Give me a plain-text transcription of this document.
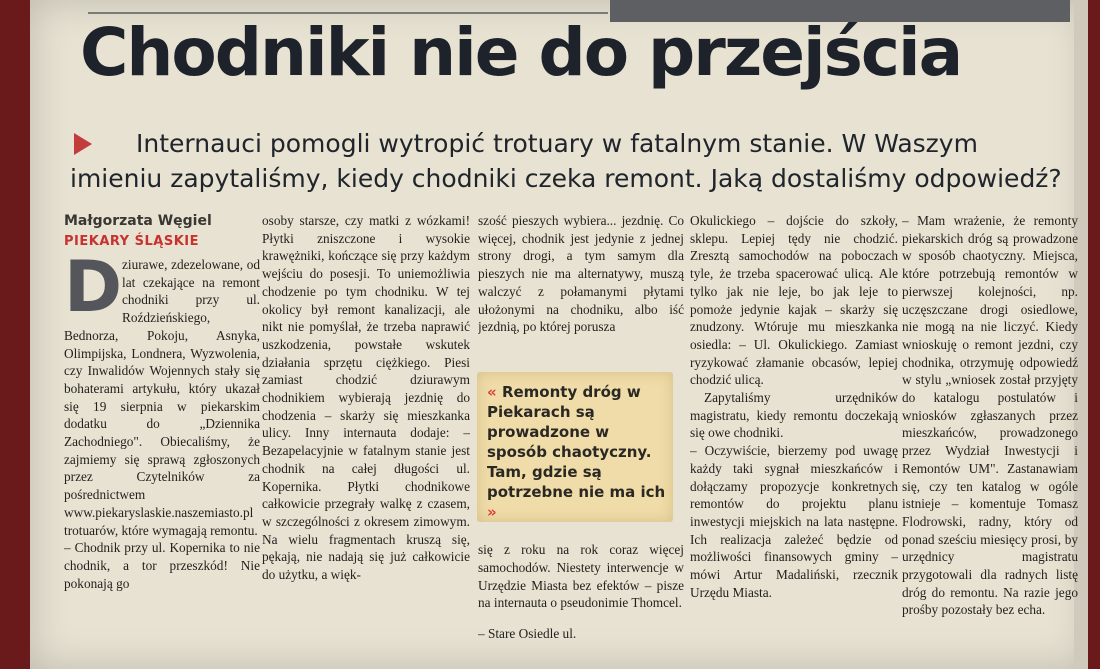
Chodniki nie do przejścia

Internauci pomogli wytropić trotuary w fatalnym stanie. W Waszym imieniu zapytaliśmy, kiedy chodniki czeka remont. Jaką dostaliśmy odpowiedź?

Małgorzata Węgiel
PIEKARY ŚLĄSKIE
D ziurawe, zdezelowane, od lat czekające na remont chodniki przy ul. Roździeńskiego, Bednorza, Pokoju, Asnyka, Olimpijska, Londnera, Wyzwolenia, czy Inwalidów Wojennych stały się bohaterami artykułu, który ukazał się 19 sierpnia w piekarskim dodatku do „Dziennika Zachodniego". Obiecaliśmy, że zajmiemy się sprawą zgłoszonych przez Czytelników za pośrednictwem www.piekaryslaskie.naszemiasto.pl trotuarów, które wymagają remontu.

– Chodnik przy ul. Kopernika to nie chodnik, a tor przeszkód! Nie pokonają go

osoby starsze, czy matki z wózkami! Płytki zniszczone i wysokie krawężniki, kończące się przy każdym wejściu do posesji. To uniemożliwia chodzenie po tym chodniku. W tej okolicy był remont kanalizacji, ale nikt nie pomyślał, że trzeba naprawić uszkodzenia, powstałe wskutek działania sprzętu ciężkiego. Piesi zamiast chodzić dziurawym chodnikiem wybierają jezdnię do chodzenia – skarży się mieszkanka ulicy. Inny internauta dodaje: – Bezapelacyjnie w fatalnym stanie jest chodnik na całej długości ul. Kopernika. Płytki chodnikowe całkowicie przegrały walkę z czasem, w szczególności z okresem zimowym. Na wielu fragmentach kruszą się, pękają, nie nadają się już całkowicie do użytku, a więk-

szość pieszych wybiera... jezdnię. Co więcej, chodnik jest jedynie z jednej strony drogi, a tym samym dla pieszych nie ma alternatywy, muszą walczyć z połamanymi płytami ułożonymi na chodniku, albo iść jezdnią, po której porusza

« Remonty dróg w Piekarach są prowadzone w sposób chaotyczny. Tam, gdzie są potrzebne nie ma ich »

się z roku na rok coraz więcej samochodów. Niestety interwencje w Urzędzie Miasta bez efektów – pisze na internauta o pseudonimie Thomcel.

– Stare Osiedle ul.

Okulickiego – dojście do szkoły, sklepu. Lepiej tędy nie chodzić. Zresztą samochodów na poboczach tyle, że trzeba spacerować ulicą. Ale tylko jak nie leje, bo jak leje to pomoże jedynie kajak – skarży się znudzony. Wtóruje mu mieszkanka osiedla: – Ul. Okulickiego. Zamiast ryzykować złamanie obcasów, lepiej chodzić ulicą.

Zapytaliśmy urzędników magistratu, kiedy remontu doczekają się owe chodniki.

– Oczywiście, bierzemy pod uwagę każdy taki sygnał mieszkańców i dołączamy propozycje konkretnych remontów do projektu planu inwestycji miejskich na lata następne. Ich realizacja zależeć będzie od możliwości finansowych gminy – mówi Artur Madaliński, rzecznik Urzędu Miasta.

– Mam wrażenie, że remonty piekarskich dróg są prowadzone w sposób chaotyczny. Miejsca, które potrzebują remontów w pierwszej kolejności, np. uczęszczane drogi osiedlowe, nie mogą na nie liczyć. Kiedy wnioskuję o remont jezdni, czy chodnika, otrzymuję odpowiedź w stylu „wniosek został przyjęty do katalogu postulatów i wniosków zgłaszanych przez mieszkańców, prowadzonego przez Wydział Inwestycji i Remontów UM". Zastanawiam się, czy ten katalog w ogóle istnieje – komentuje Tomasz Flodrowski, radny, który od ponad sześciu miesięcy prosi, by urzędnicy magistratu przygotowali dla radnych listę dróg do remontu. Na razie jego prośby pozostały bez echa.
